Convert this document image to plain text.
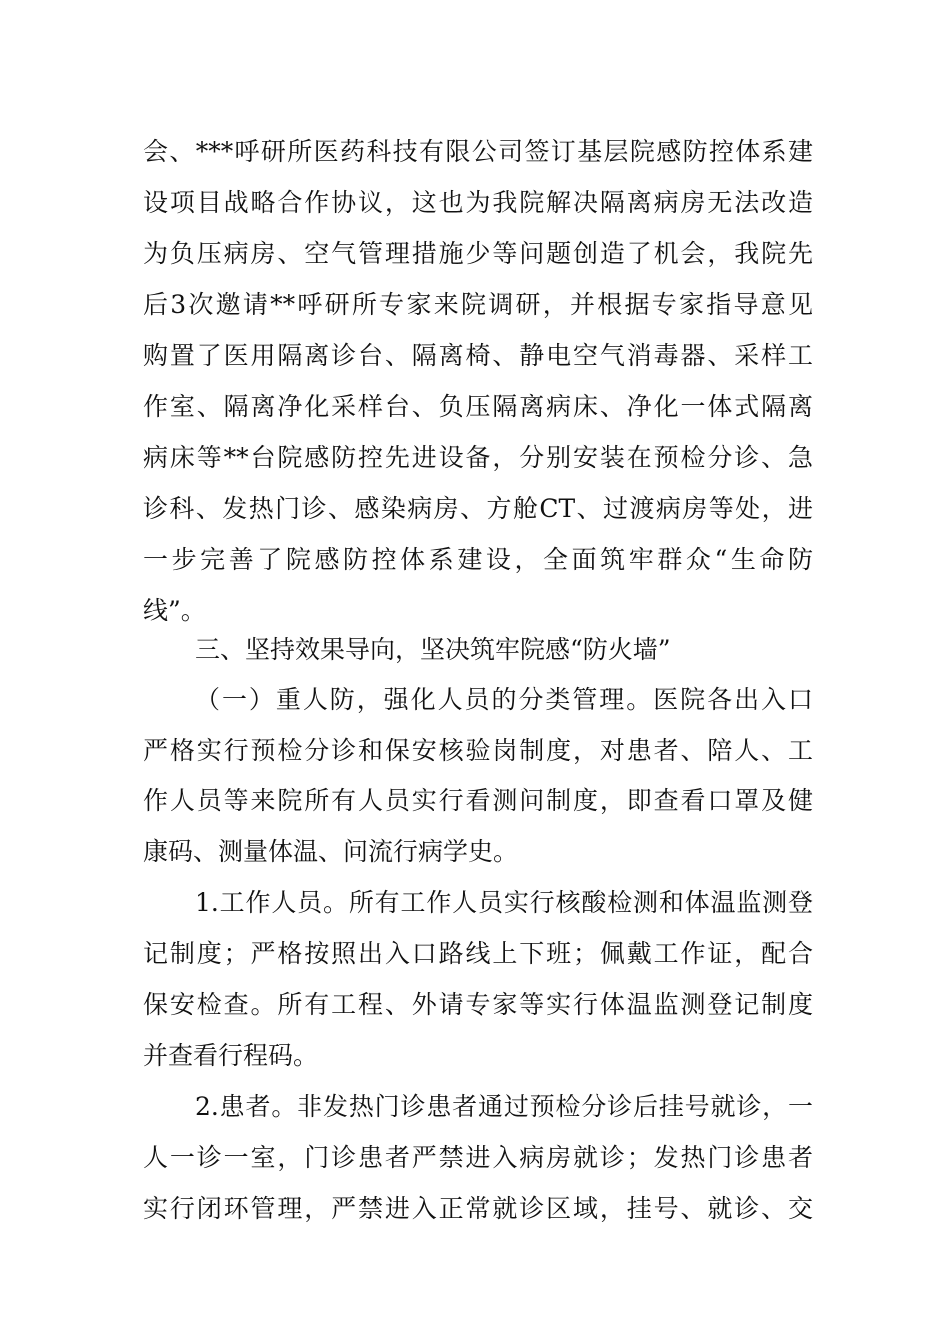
会、***呼研所医药科技有限公司签订基层院感防控体系建
设项目战略合作协议，这也为我院解决隔离病房无法改造
为负压病房、空气管理措施少等问题创造了机会，我院先
后3次邀请**呼研所专家来院调研，并根据专家指导意见
购置了医用隔离诊台、隔离椅、静电空气消毒器、采样工
作室、隔离净化采样台、负压隔离病床、净化一体式隔离
病床等**台院感防控先进设备，分别安装在预检分诊、急
诊科、发热门诊、感染病房、方舱CT、过渡病房等处，进
一步完善了院感防控体系建设，全面筑牢群众“生命防
线”。
三、坚持效果导向，坚决筑牢院感“防火墙”
（一）重人防，强化人员的分类管理。医院各出入口
严格实行预检分诊和保安核验岗制度，对患者、陪人、工
作人员等来院所有人员实行看测问制度，即查看口罩及健
康码、测量体温、问流行病学史。
1.工作人员。所有工作人员实行核酸检测和体温监测登
记制度；严格按照出入口路线上下班；佩戴工作证，配合
保安检查。所有工程、外请专家等实行体温监测登记制度
并查看行程码。
2.患者。非发热门诊患者通过预检分诊后挂号就诊，一
人一诊一室，门诊患者严禁进入病房就诊；发热门诊患者
实行闭环管理，严禁进入正常就诊区域，挂号、就诊、交
